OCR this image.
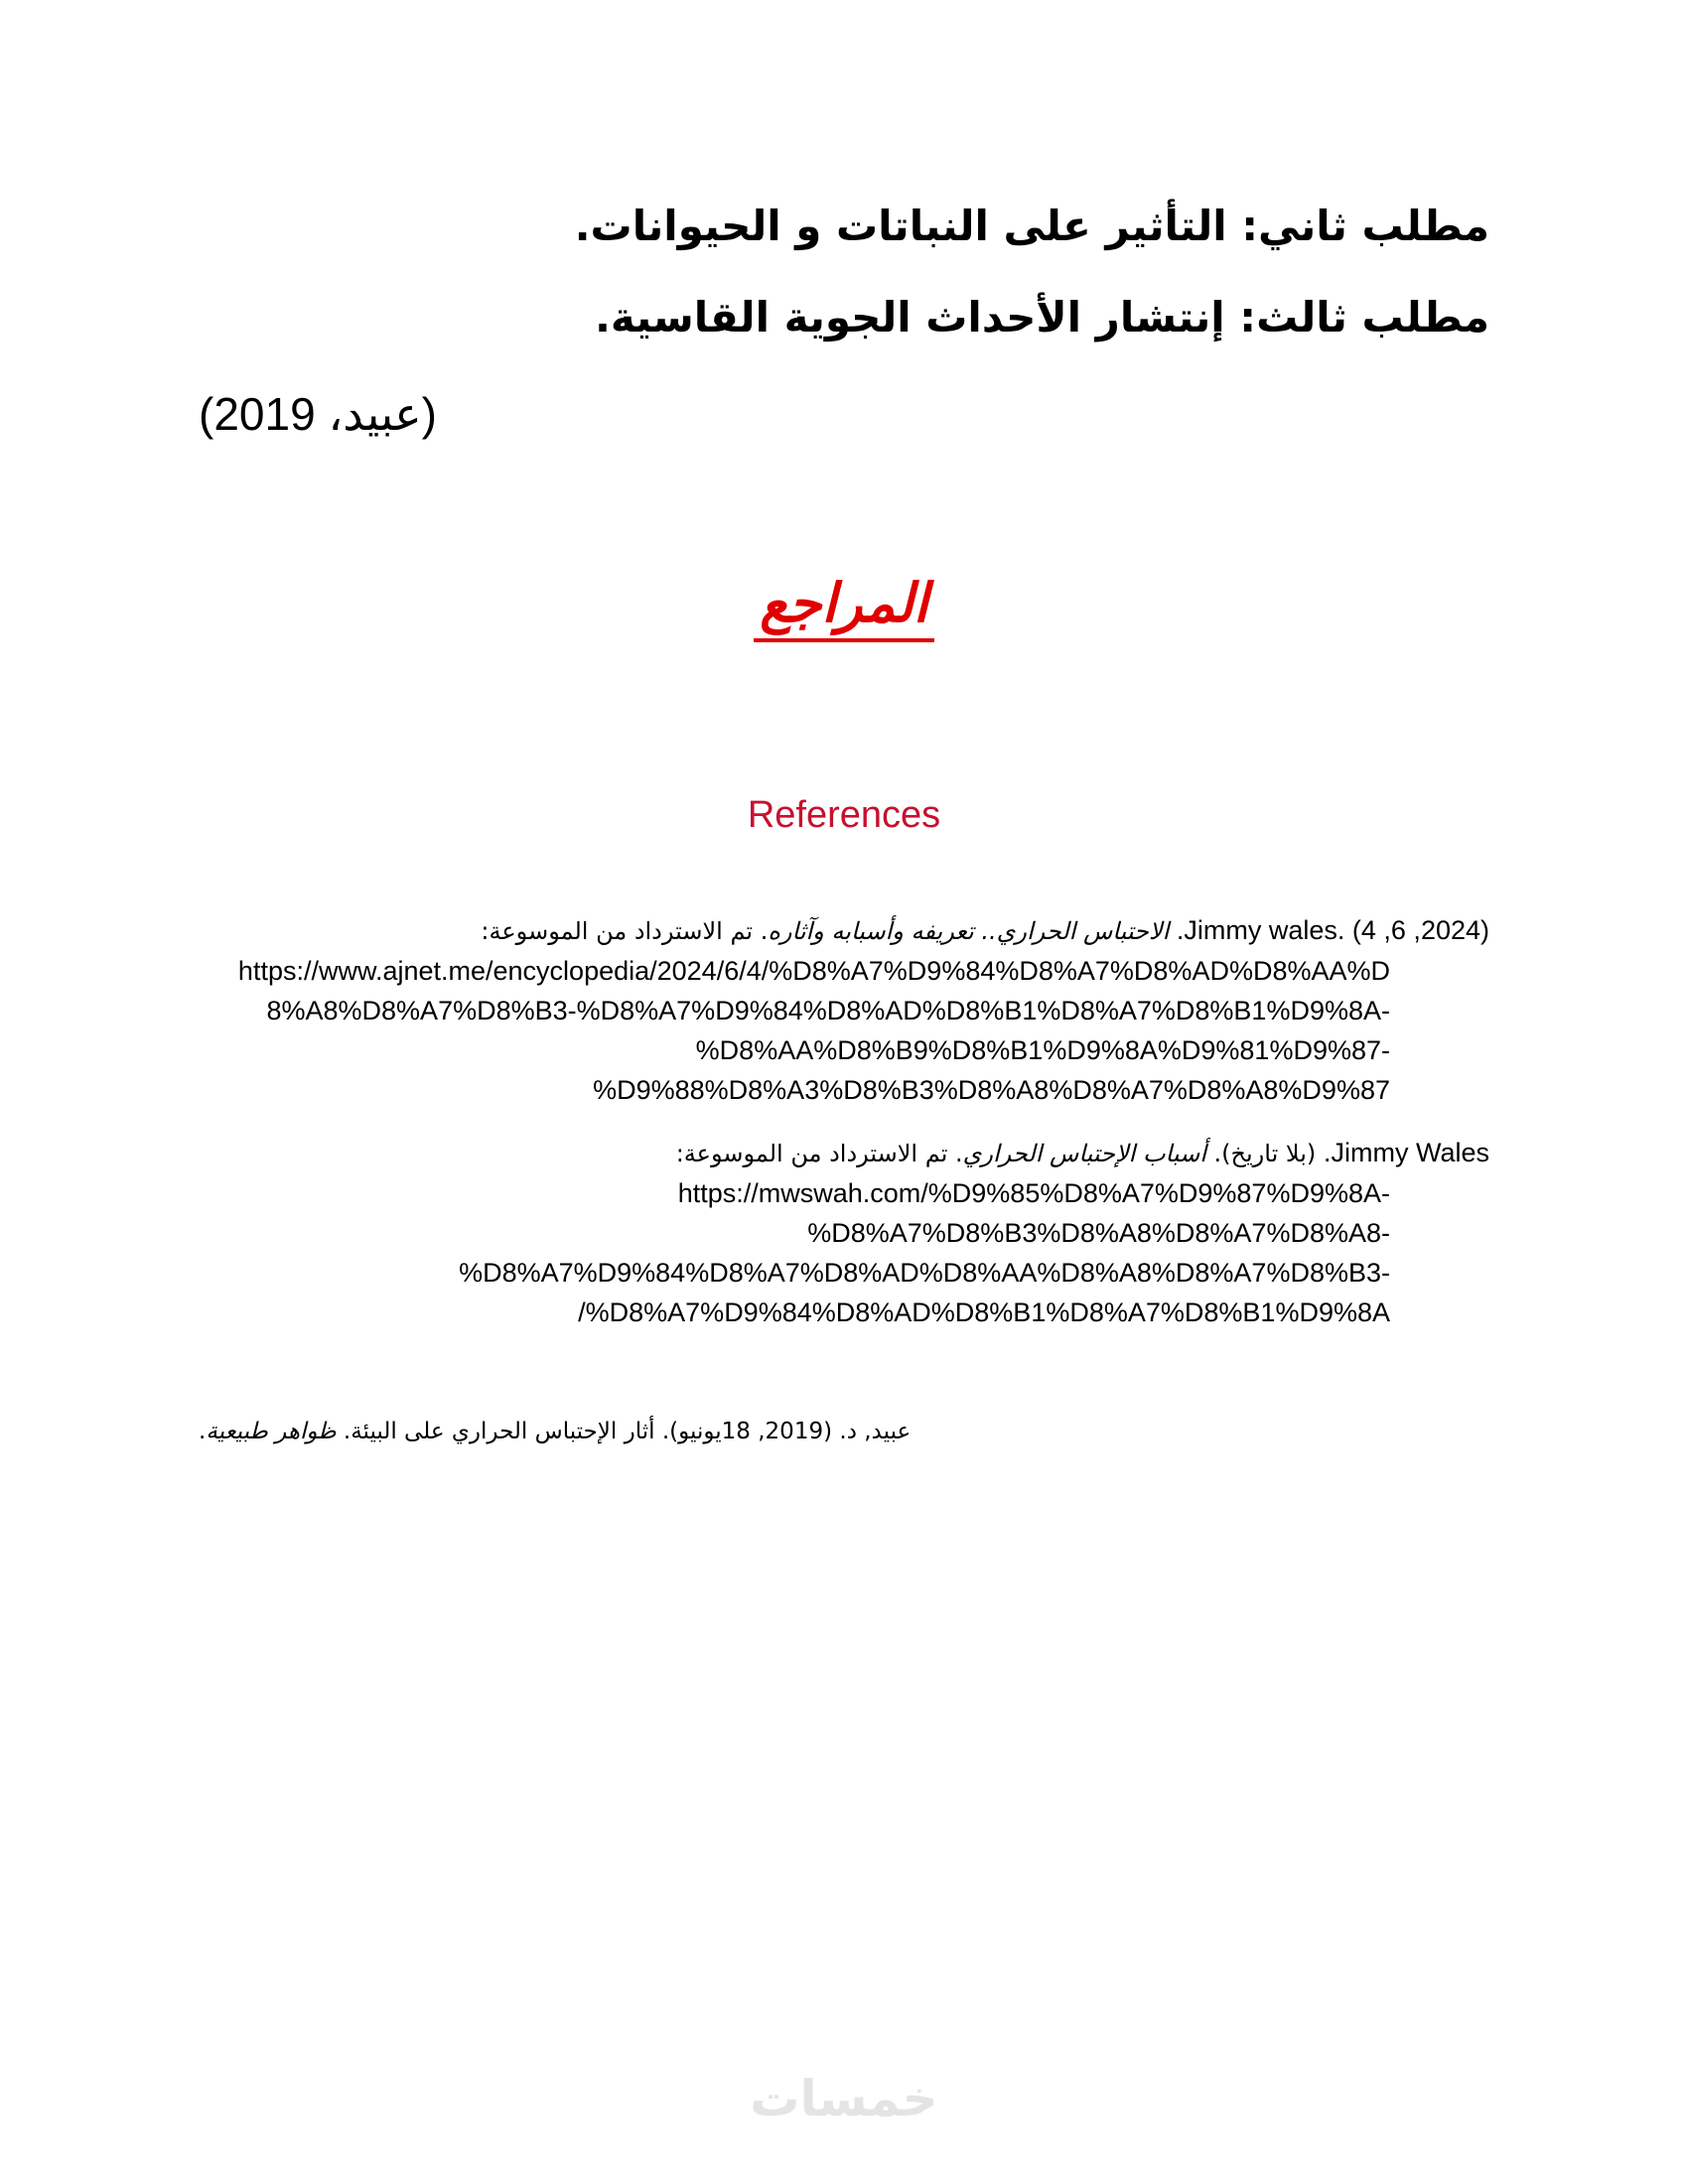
مطلب ثاني: التأثير على النباتات و الحيوانات.
مطلب ثالث: إنتشار الأحداث الجوية القاسية.
(عبيد، 2019)
المراجع
References
Jimmy wales. (4 ,6 ,2024). الاحتباس الحراري.. تعريفه وأسبابه وآثاره. تم الاسترداد من الموسوعة:
https://www.ajnet.me/encyclopedia/2024/6/4/%D8%A7%D9%84%D8%A7%D8%AD%D8%AA%D
8%A8%D8%A7%D8%B3-%D8%A7%D9%84%D8%AD%D8%B1%D8%A7%D8%B1%D9%8A-
%D8%AA%D8%B9%D8%B1%D9%8A%D9%81%D9%87-
%D9%88%D8%A3%D8%B3%D8%A8%D8%A7%D8%A8%D9%87
Jimmy Wales. (بلا تاريخ). أسباب الإحتباس الحراري. تم الاسترداد من الموسوعة:
https://mwswah.com/%D9%85%D8%A7%D9%87%D9%8A-
%D8%A7%D8%B3%D8%A8%D8%A7%D8%A8-
%D8%A7%D9%84%D8%A7%D8%AD%D8%AA%D8%A8%D8%A7%D8%B3-
/%D8%A7%D9%84%D8%AD%D8%B1%D8%A7%D8%B1%D9%8A
عبيد, د. (2019, 18يونيو). أثار الإحتباس الحراري على البيئة. ظواهر طبيعية.
خمسات
